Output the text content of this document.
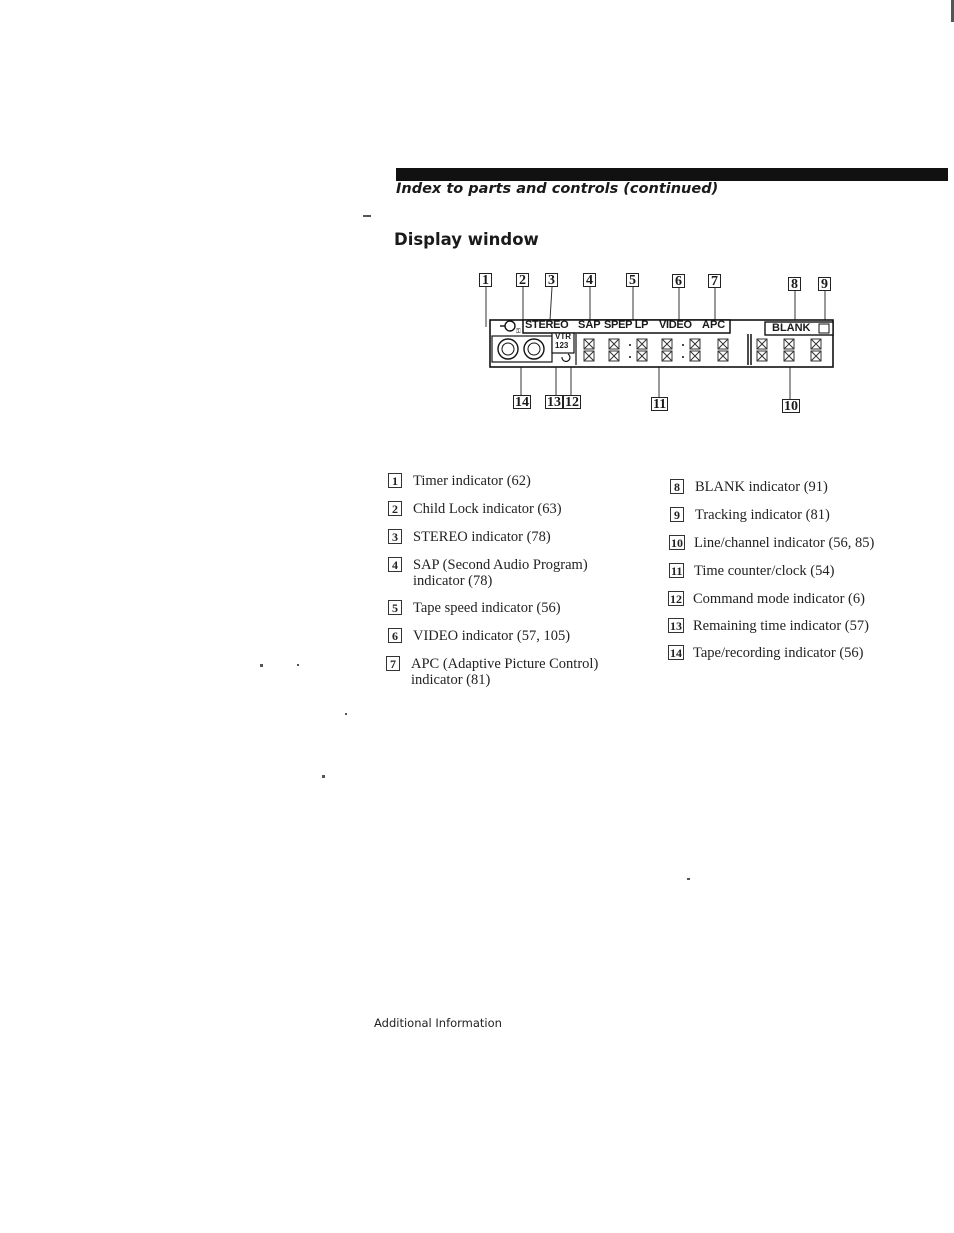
Index to parts and controls (continued)
Display window
⚿
STEREO SAP SPEP LP VIDEO APC	BLANK
VTR
123
1 2 3 4	5	6 7	8 9
14 13 12	11	10
1 Timer indicator (62)
2 Child Lock indicator (63)
3 STEREO indicator (78)
4 SAP (Second Audio Program)
indicator (78)
5 Tape speed indicator (56)
6 VIDEO indicator (57, 105)
7 APC (Adaptive Picture Control)
indicator (81)
8 BLANK indicator (91)
9 Tracking indicator (81)
10 Line/channel indicator (56, 85)
11 Time counter/clock (54)
12 Command mode indicator (6)
13 Remaining time indicator (57)
14 Tape/recording indicator (56)
Additional Information
